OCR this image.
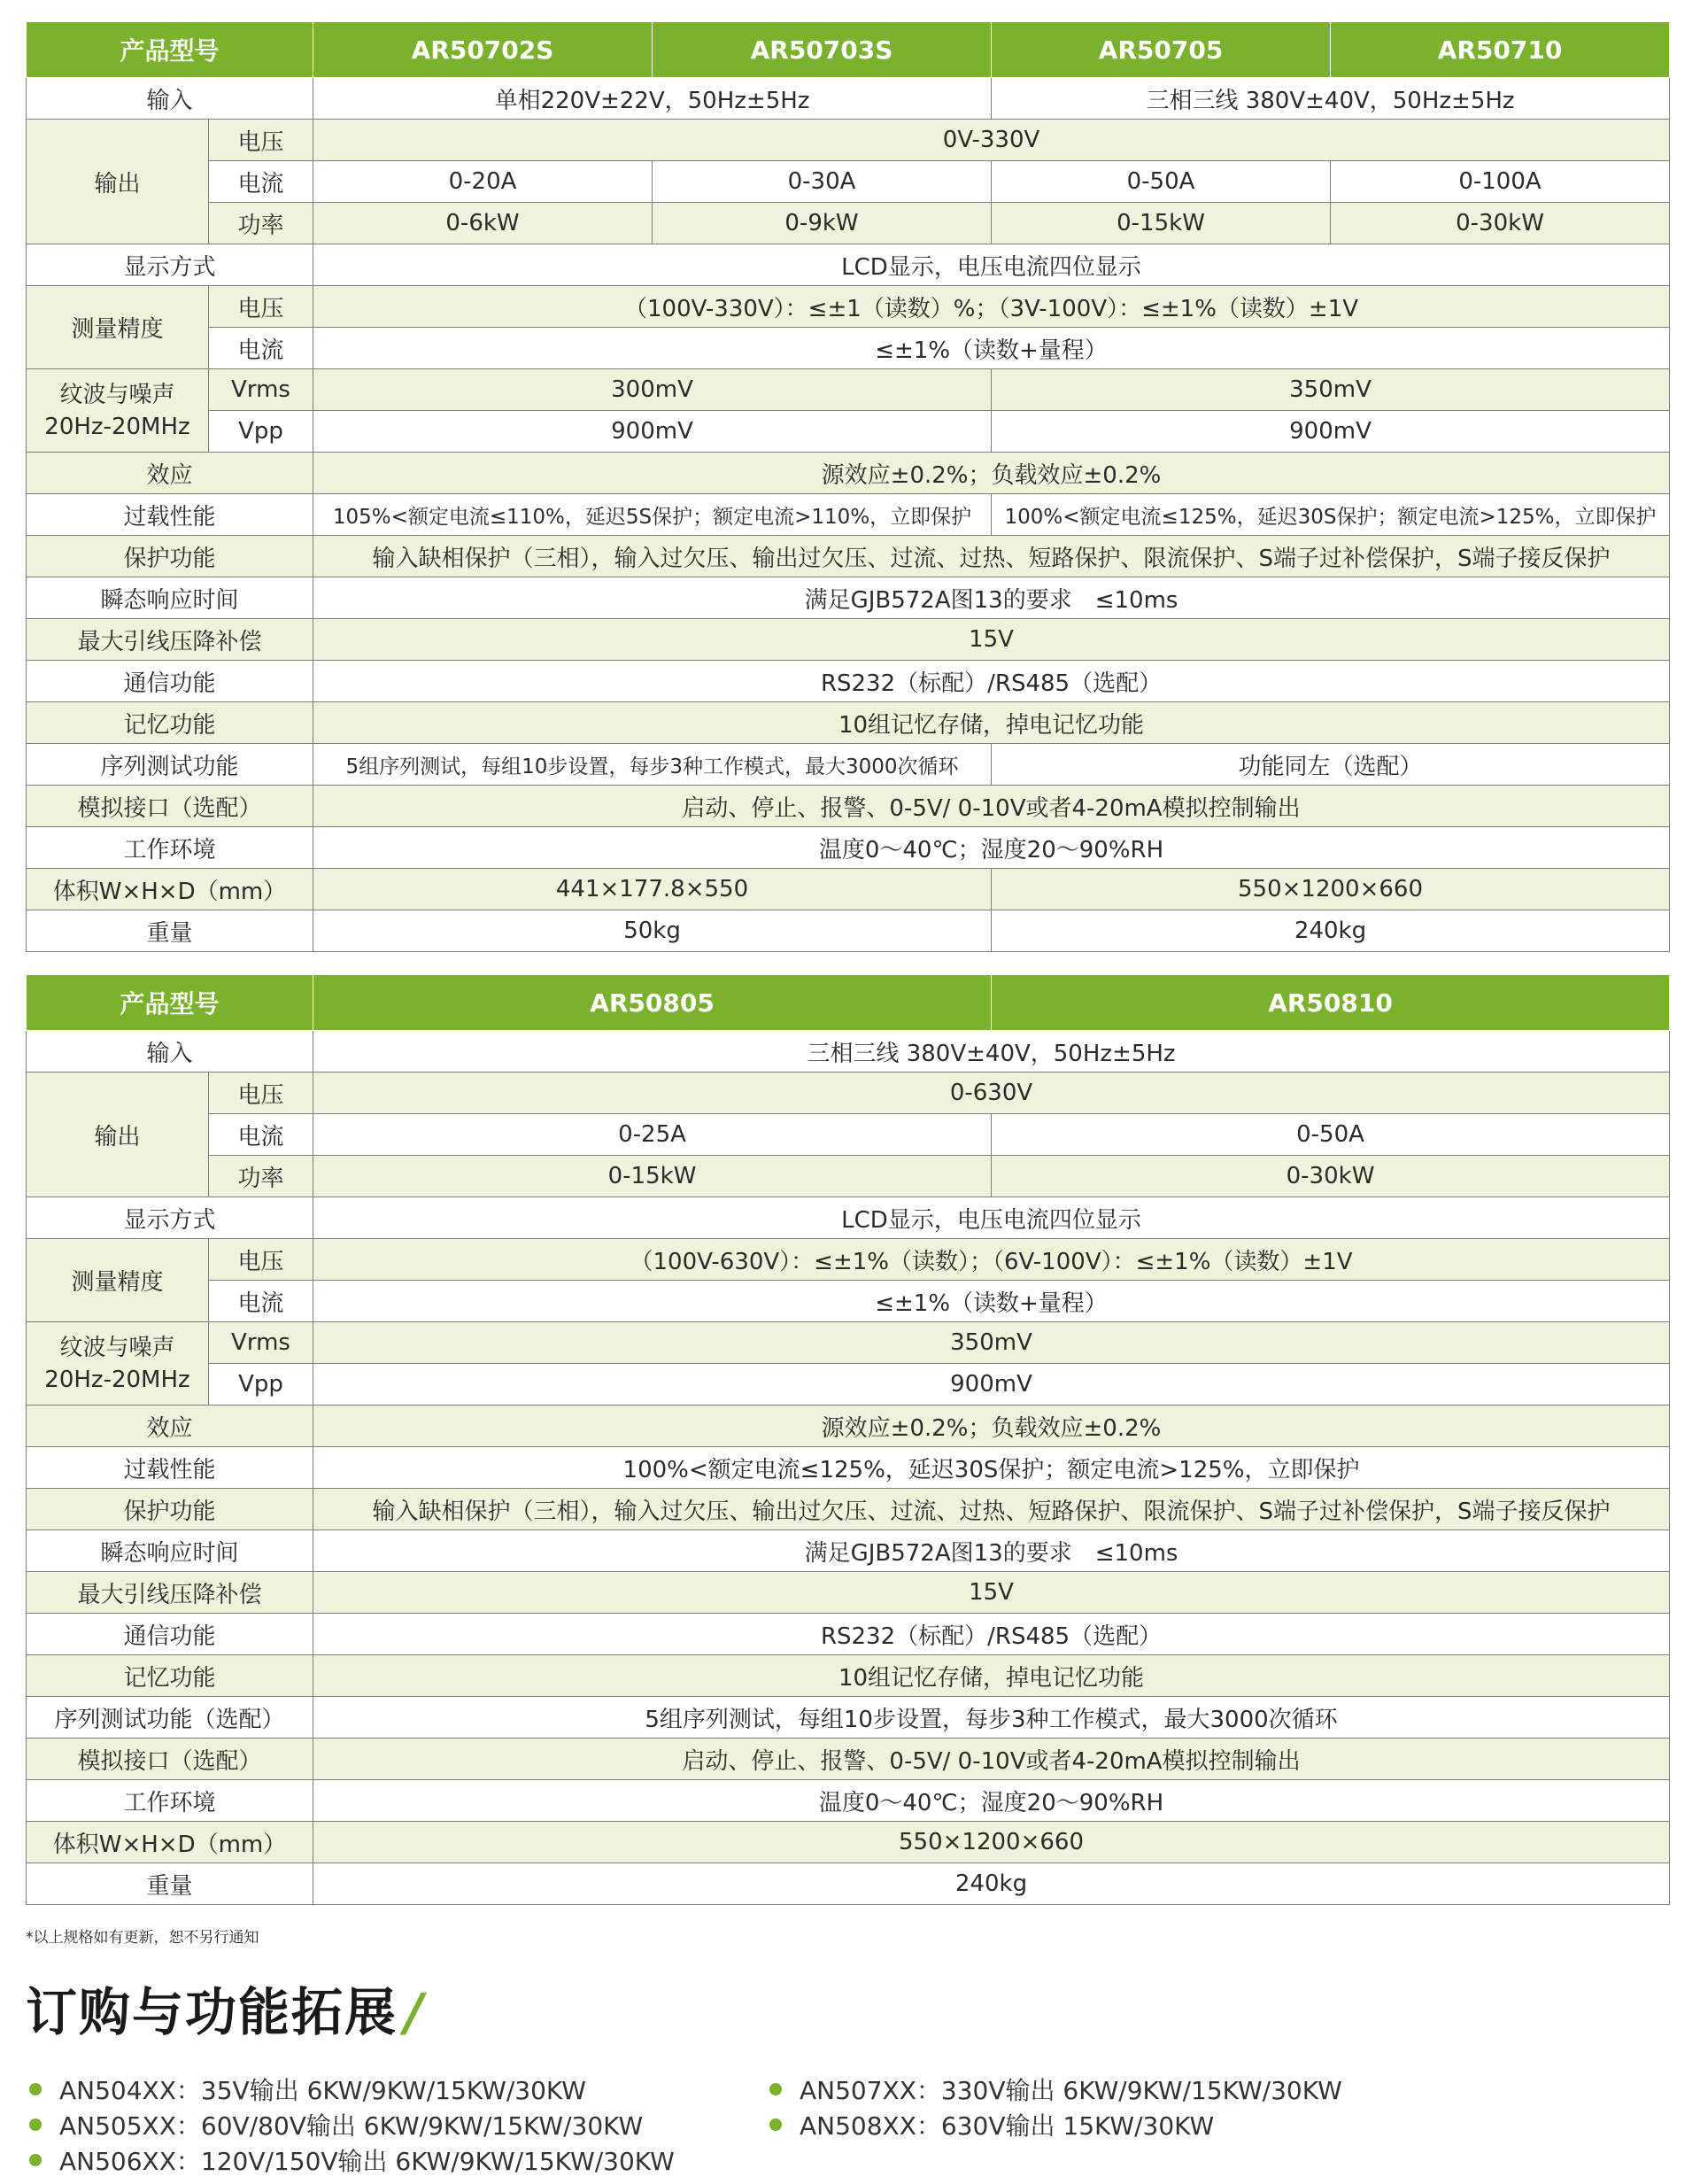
产品型号		AR50702S	AR50703S	AR50705	AR50710
输入		单相220V±22V，50Hz±5Hz		三相三线 380V±40V，50Hz±5Hz	
输出	电压	0V-330V			
	电流	0-20A	0-30A	0-50A	0-100A
	功率	0-6kW	0-9kW	0-15kW	0-30kW
显示方式		LCD显示，电压电流四位显示			
测量精度	电压	（100V-330V）：≤±1（读数）%；（3V-100V）：≤±1%（读数）±1V			
	电流	≤±1%（读数+量程）			
纹波与噪声
20Hz-20MHz	Vrms	300mV		350mV	
	Vpp	900mV		900mV	
效应		源效应±0.2%；负载效应±0.2%			
过载性能		105%<额定电流≤110%，延迟5S保护；额定电流>110%，立即保护		100%<额定电流≤125%，延迟30S保护；额定电流>125%，立即保护	
保护功能		输入缺相保护（三相），输入过欠压、输出过欠压、过流、过热、短路保护、限流保护、S端子过补偿保护，S端子接反保护			
瞬态响应时间		满足GJB572A图13的要求　≤10ms			
最大引线压降补偿		15V			
通信功能		RS232（标配）/RS485（选配）			
记忆功能		10组记忆存储，掉电记忆功能			
序列测试功能		5组序列测试，每组10步设置，每步3种工作模式，最大3000次循环		功能同左（选配）	
模拟接口（选配）		启动、停止、报警、0-5V/ 0-10V或者4-20mA模拟控制输出			
工作环境		温度0～40℃；湿度20～90%RH			
体积W×H×D（mm）		441×177.8×550		550×1200×660	
重量		50kg		240kg	
产品型号		AR50805	AR50810
输入		三相三线 380V±40V，50Hz±5Hz	
输出	电压	0-630V	
	电流	0-25A	0-50A
	功率	0-15kW	0-30kW
显示方式		LCD显示，电压电流四位显示	
测量精度	电压	（100V-630V）：≤±1%（读数）；（6V-100V）：≤±1%（读数）±1V	
	电流	≤±1%（读数+量程）	
纹波与噪声
20Hz-20MHz	Vrms	350mV	
	Vpp	900mV	
效应		源效应±0.2%；负载效应±0.2%	
过载性能		100%<额定电流≤125%，延迟30S保护；额定电流>125%，立即保护	
保护功能		输入缺相保护（三相），输入过欠压、输出过欠压、过流、过热、短路保护、限流保护、S端子过补偿保护，S端子接反保护	
瞬态响应时间		满足GJB572A图13的要求　≤10ms	
最大引线压降补偿		15V	
通信功能		RS232（标配）/RS485（选配）	
记忆功能		10组记忆存储，掉电记忆功能	
序列测试功能（选配）		5组序列测试，每组10步设置，每步3种工作模式，最大3000次循环	
模拟接口（选配）		启动、停止、报警、0-5V/ 0-10V或者4-20mA模拟控制输出	
工作环境		温度0～40℃；湿度20～90%RH	
体积W×H×D（mm）		550×1200×660	
重量		240kg	
*以上规格如有更新，恕不另行通知
订购与功能拓展 /
AN504XX：35V输出 6KW/9KW/15KW/30KW
AN505XX：60V/80V输出 6KW/9KW/15KW/30KW
AN506XX：120V/150V输出 6KW/9KW/15KW/30KW
AN507XX：330V输出 6KW/9KW/15KW/30KW
AN508XX：630V输出 15KW/30KW
